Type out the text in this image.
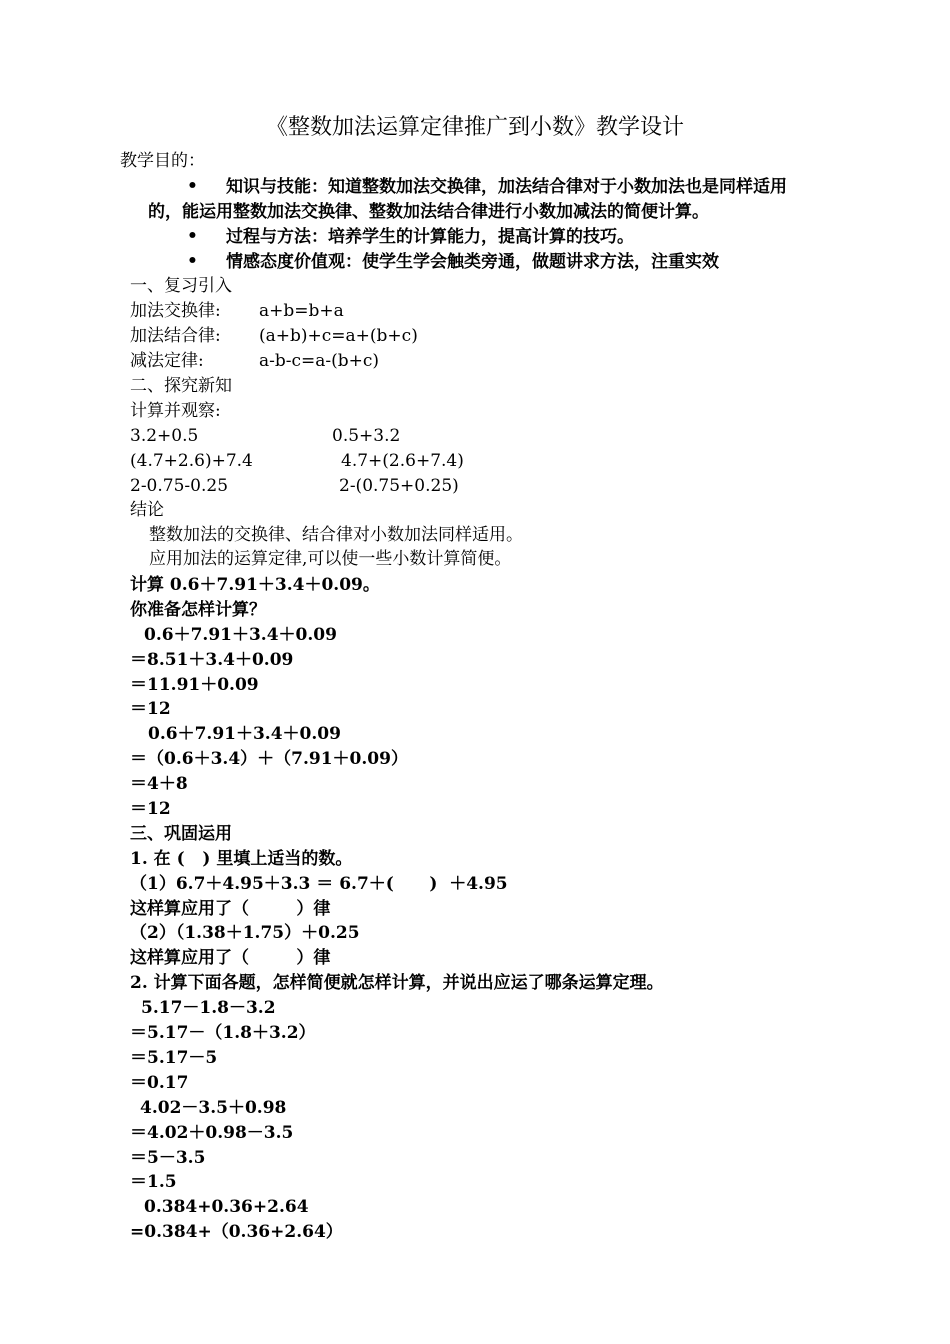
《整数加法运算定律推广到小数》教学设计
教学目的：
• 知识与技能：知道整数加法交换律，加法结合律对于小数加法也是同样适用
的，能运用整数加法交换律、整数加法结合律进行小数加减法的简便计算。
• 过程与方法：培养学生的计算能力，提高计算的技巧。
• 情感态度价值观：使学生学会触类旁通，做题讲求方法，注重实效
一、复习引入
加法交换律: a+b=b+a
加法结合律: (a+b)+c=a+(b+c)
减法定律:	a-b-c=a-(b+c)
二、探究新知
计算并观察:
3.2+0.5	0.5+3.2
(4.7+2.6)+7.4	4.7+(2.6+7.4)
2-0.75-0.25	2-(0.75+0.25)
结论
整数加法的交换律、结合律对小数加法同样适用。
应用加法的运算定律,可以使一些小数计算简便。
计算 0.6＋7.91＋3.4＋0.09。
你准备怎样计算？
0.6＋7.91＋3.4＋0.09
＝8.51＋3.4＋0.09
＝11.91＋0.09
＝12
0.6＋7.91＋3.4＋0.09
＝（0.6＋3.4）＋（7.91＋0.09）
＝4＋8
＝12
三、巩固运用
1. 在 (   ) 里填上适当的数。
（1）6.7＋4.95＋3.3 ＝ 6.7＋(      )  ＋4.95
这样算应用了（        ）律
（2）（1.38＋1.75）＋0.25
这样算应用了（        ）律
2. 计算下面各题，怎样简便就怎样计算，并说出应运了哪条运算定理。
5.17－1.8－3.2
＝5.17－（1.8＋3.2）
＝5.17－5
＝0.17
4.02－3.5＋0.98
＝4.02＋0.98－3.5
＝5－3.5
＝1.5
0.384+0.36+2.64
=0.384+（0.36+2.64）
